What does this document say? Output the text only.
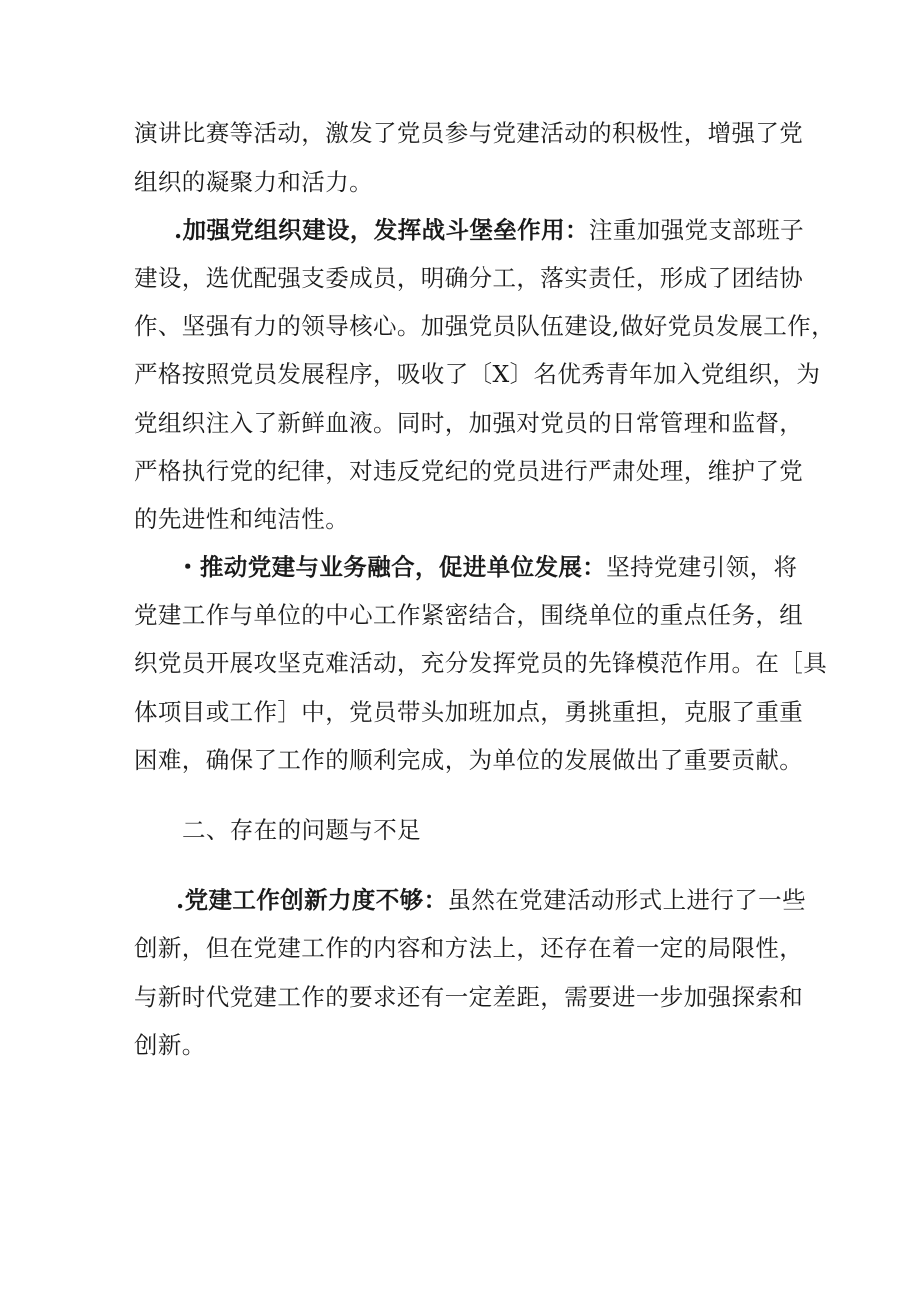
演讲比赛等活动，激发了党员参与党建活动的积极性，增强了党

组织的凝聚力和活力。

.加强党组织建设，发挥战斗堡垒作用：注重加强党支部班子

建设，选优配强支委成员，明确分工，落实责任，形成了团结协

作、坚强有力的领导核心。加强党员队伍建设,做好党员发展工作，

严格按照党员发展程序，吸收了〔X〕名优秀青年加入党组织，为

党组织注入了新鲜血液。同时，加强对党员的日常管理和监督，

严格执行党的纪律，对违反党纪的党员进行严肃处理，维护了党

的先进性和纯洁性。

・推动党建与业务融合，促进单位发展：坚持党建引领，将

党建工作与单位的中心工作紧密结合，围绕单位的重点任务，组

织党员开展攻坚克难活动，充分发挥党员的先锋模范作用。在［具

体项目或工作］中，党员带头加班加点，勇挑重担，克服了重重

困难，确保了工作的顺利完成，为单位的发展做出了重要贡献。

二、存在的问题与不足

.党建工作创新力度不够：虽然在党建活动形式上进行了一些

创新，但在党建工作的内容和方法上，还存在着一定的局限性，

与新时代党建工作的要求还有一定差距，需要进一步加强探索和

创新。
